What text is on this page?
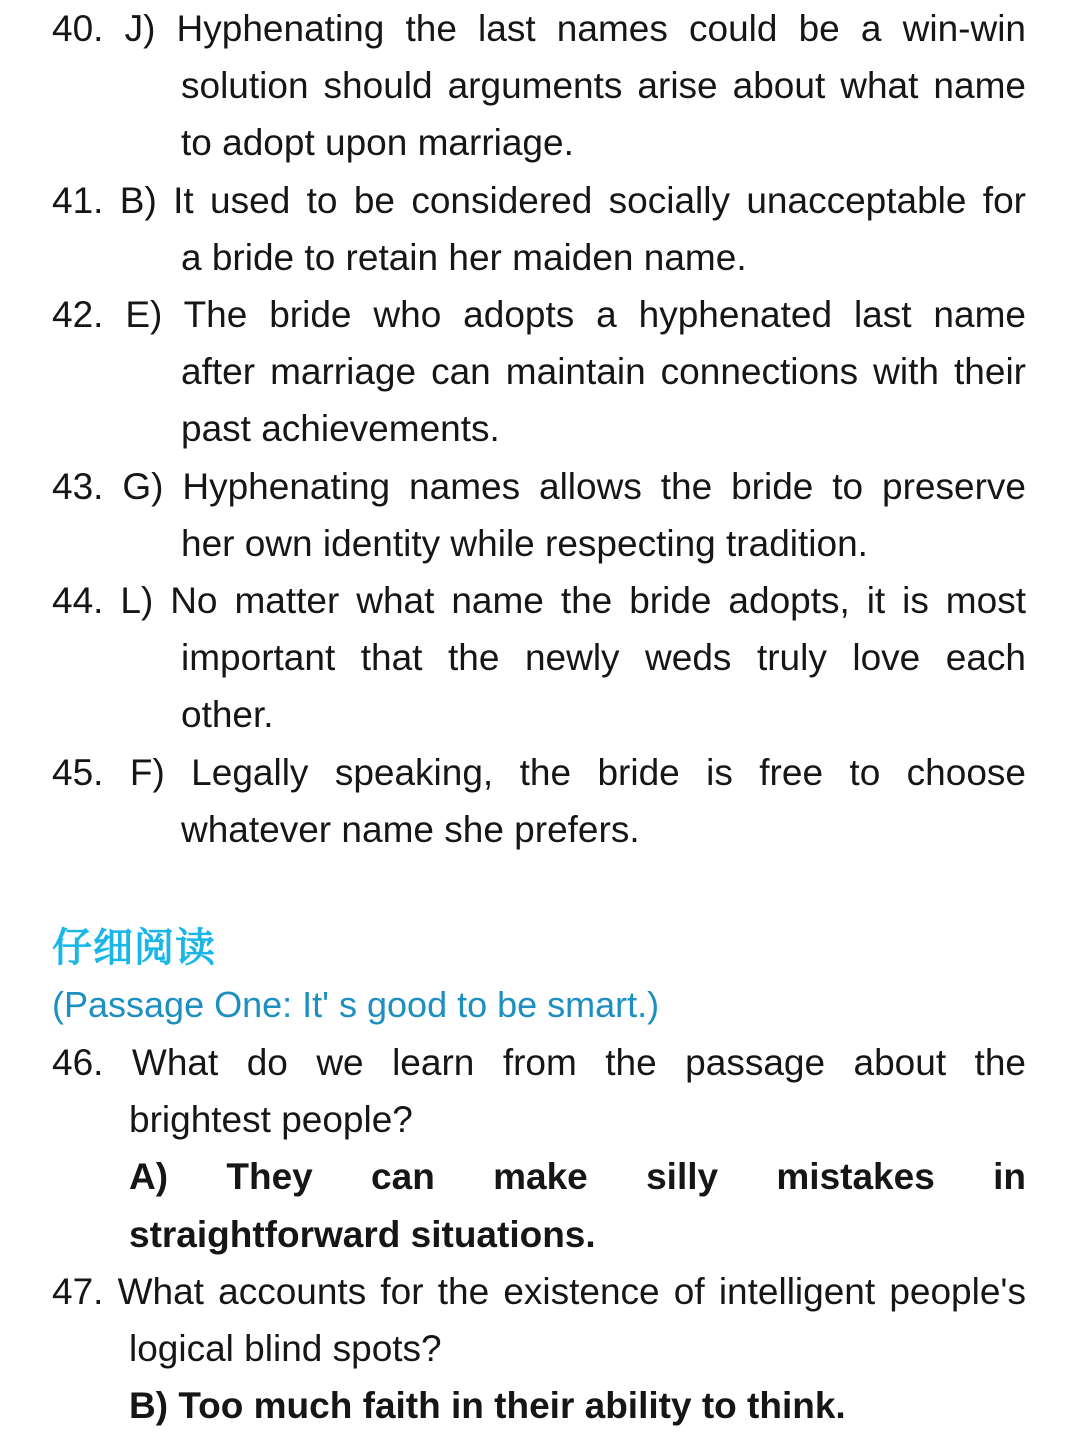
40. J) Hyphenating the last names could be a win-win
solution should arguments arise about what name
to adopt upon marriage.
41. B) It used to be considered socially unacceptable for
a bride to retain her maiden name.
42. E) The bride who adopts a hyphenated last name
after marriage can maintain connections with their
past achievements.
43. G) Hyphenating names allows the bride to preserve
her own identity while respecting tradition.
44. L) No matter what name the bride adopts, it is most
important that the newly weds truly love each
other.
45. F) Legally speaking, the bride is free to choose
whatever name she prefers.
仔细阅读
(Passage One: It' s good to be smart.)
46. What do we learn from the passage about the
brightest people?
A) They can make silly mistakes in
straightforward situations.
47. What accounts for the existence of intelligent people's
logical blind spots?
B) Too much faith in their ability to think.
